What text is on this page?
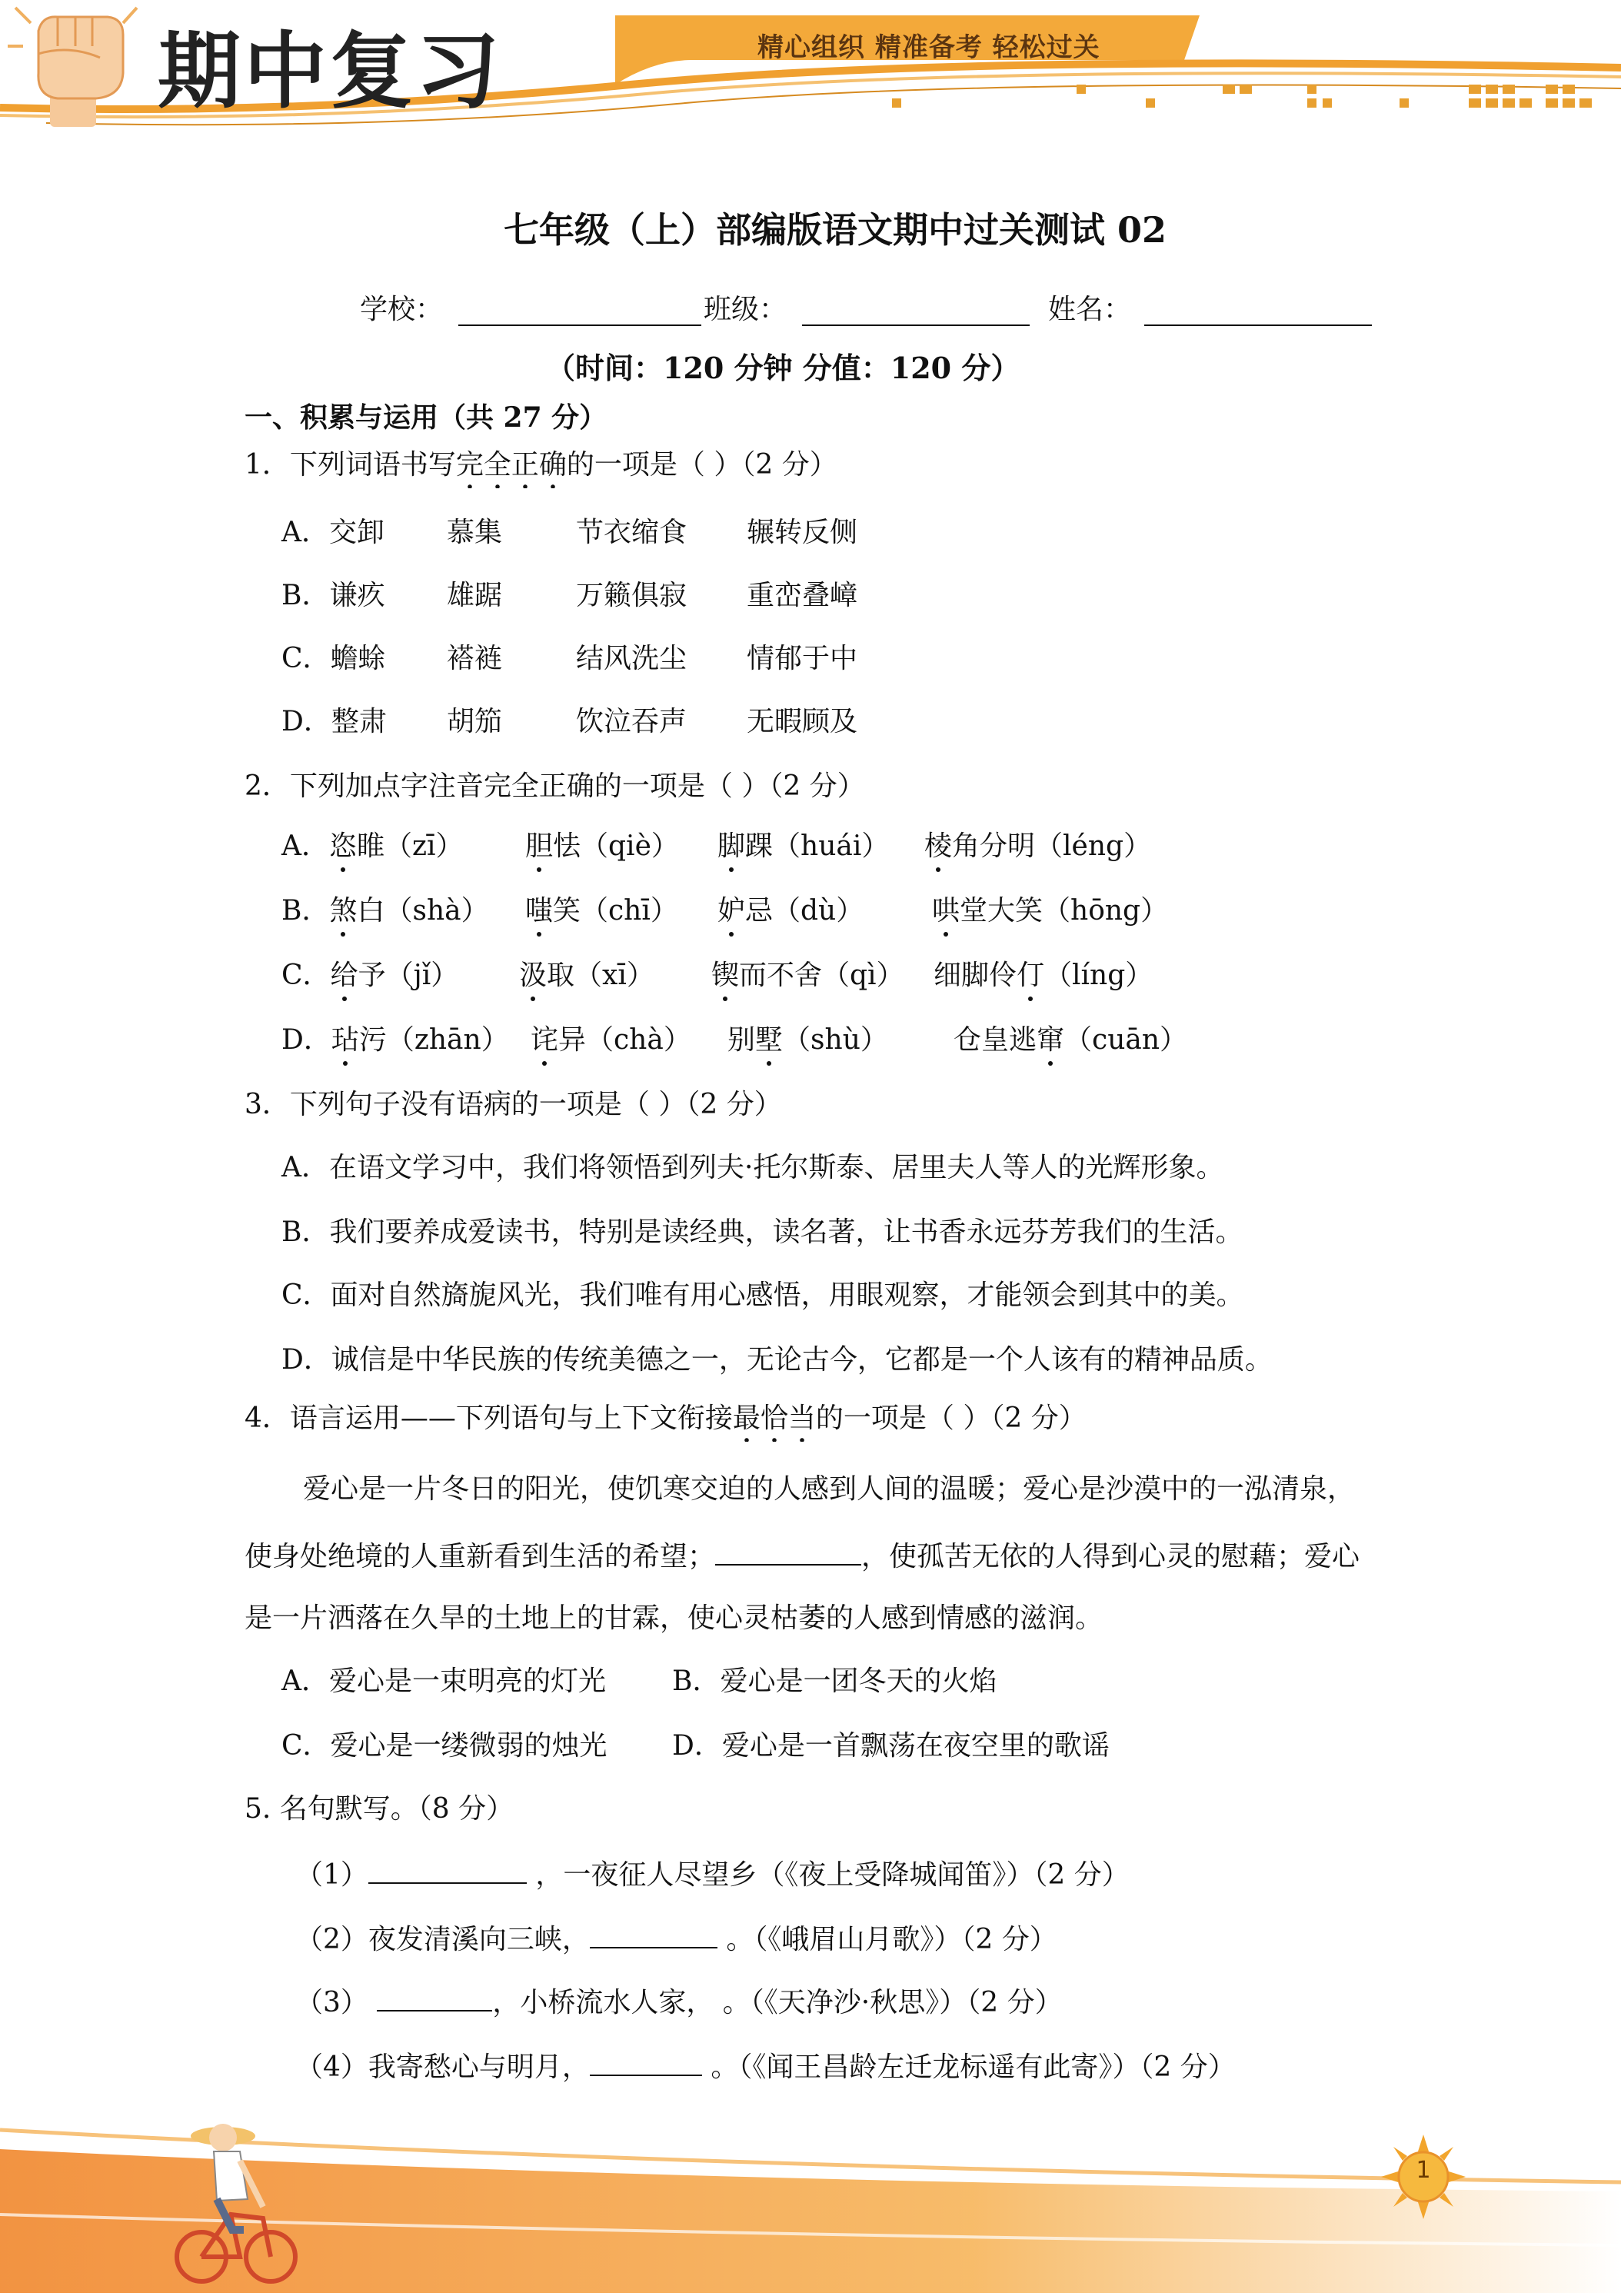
期中复习	精心组织 精准备考 轻松过关
七年级（上）部编版语文期中过关测试 02
学校：	班级：	姓名：
（时间：120 分钟 分值：120 分）
一、积累与运用（共 27 分）
1．下列词语书写完全正确的一项是（ ）（2 分）
A．交卸 慕集	节衣缩食 辗转反侧
B．谦疚 雄踞	万籁俱寂 重峦叠嶂
C．蟾蜍 褡裢	结风洗尘 情郁于中
D．整肃 胡笳	饮泣吞声 无暇顾及
2．下列加点字注音完全正确的一项是（ ）（2 分）
A．恣睢（zī） 胆怯（qiè） 脚踝（huái） 棱角分明（léng）
B．煞白（shà） 嗤笑（chī） 妒忌（dù） 哄堂大笑（hōng）
C．给予（jǐ） 汲取（xī） 锲而不舍（qì） 细脚伶仃（líng）
D．玷污（zhān） 诧异（chà） 别墅（shù） 仓皇逃窜（cuān）
3．下列句子没有语病的一项是（ ）（2 分）
A．在语文学习中，我们将领悟到列夫·托尔斯泰、居里夫人等人的光辉形象。
B．我们要养成爱读书，特别是读经典，读名著，让书香永远芬芳我们的生活。
C．面对自然旖旎风光，我们唯有用心感悟，用眼观察，才能领会到其中的美。
D．诚信是中华民族的传统美德之一，无论古今，它都是一个人该有的精神品质。
4．语言运用——下列语句与上下文衔接最恰当的一项是（ ）（2 分）
爱心是一片冬日的阳光，使饥寒交迫的人感到人间的温暖；爱心是沙漠中的一泓清泉，
使身处绝境的人重新看到生活的希望；	，使孤苦无依的人得到心灵的慰藉；爱心
是一片洒落在久旱的土地上的甘霖，使心灵枯萎的人感到情感的滋润。
A．爱心是一束明亮的灯光 B．爱心是一团冬天的火焰
C．爱心是一缕微弱的烛光 D．爱心是一首飘荡在夜空里的歌谣
5. 名句默写。（8 分）
（1）	，一夜征人尽望乡（《夜上受降城闻笛》）（2 分）
（2）夜发清溪向三峡，	。（《峨眉山月歌》）（2 分）
（3）	，小桥流水人家， 。（《天净沙·秋思》）（2 分）
（4）我寄愁心与明月，	。（《闻王昌龄左迁龙标遥有此寄》）（2 分）
1
